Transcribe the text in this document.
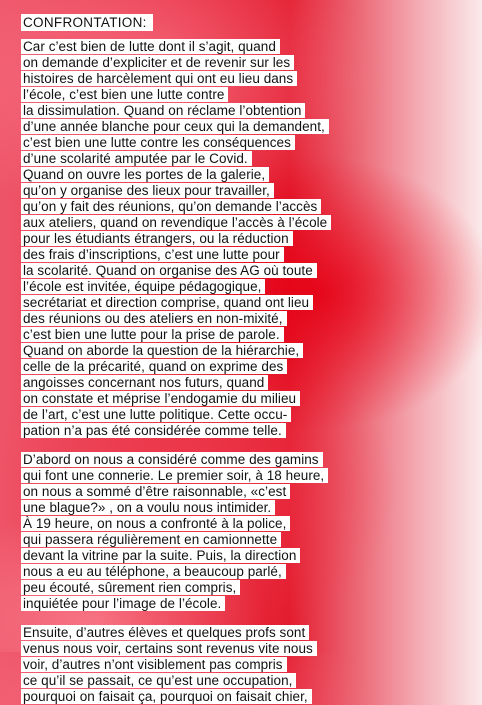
CONFRONTATION:
Car c’est bien de lutte dont il s’agit, quand
on demande d’expliciter et de revenir sur les
histoires de harcèlement qui ont eu lieu dans
l’école, c’est bien une lutte contre
la dissimulation. Quand on réclame l’obtention
d’une année blanche pour ceux qui la demandent,
c’est bien une lutte contre les conséquences
d’une scolarité amputée par le Covid.
Quand on ouvre les portes de la galerie,
qu’on y organise des lieux pour travailler,
qu’on y fait des réunions, qu’on demande l’accès
aux ateliers, quand on revendique l’accès à l’école
pour les étudiants étrangers, ou la réduction
des frais d’inscriptions, c’est une lutte pour
la scolarité. Quand on organise des AG où toute
l’école est invitée, équipe pédagogique,
secrétariat et direction comprise, quand ont lieu
des réunions ou des ateliers en non-mixité,
c’est bien une lutte pour la prise de parole.
Quand on aborde la question de la hiérarchie,
celle de la précarité, quand on exprime des
angoisses concernant nos futurs, quand
on constate et méprise l’endogamie du milieu
de l’art, c’est une lutte politique. Cette occu-
pation n’a pas été considérée comme telle.
D’abord on nous a considéré comme des gamins
qui font une connerie. Le premier soir, à 18 heure,
on nous a sommé d’être raisonnable, «c’est
une blague?» , on a voulu nous intimider.
À 19 heure, on nous a confronté à la police,
qui passera régulièrement en camionnette
devant la vitrine par la suite. Puis, la direction
nous a eu au téléphone, a beaucoup parlé,
peu écouté, sûrement rien compris,
inquiétée pour l’image de l’école.
Ensuite, d’autres élèves et quelques profs sont
venus nous voir, certains sont revenus vite nous
voir, d’autres n’ont visiblement pas compris
ce qu’il se passait, ce qu’est une occupation,
pourquoi on faisait ça, pourquoi on faisait chier,
